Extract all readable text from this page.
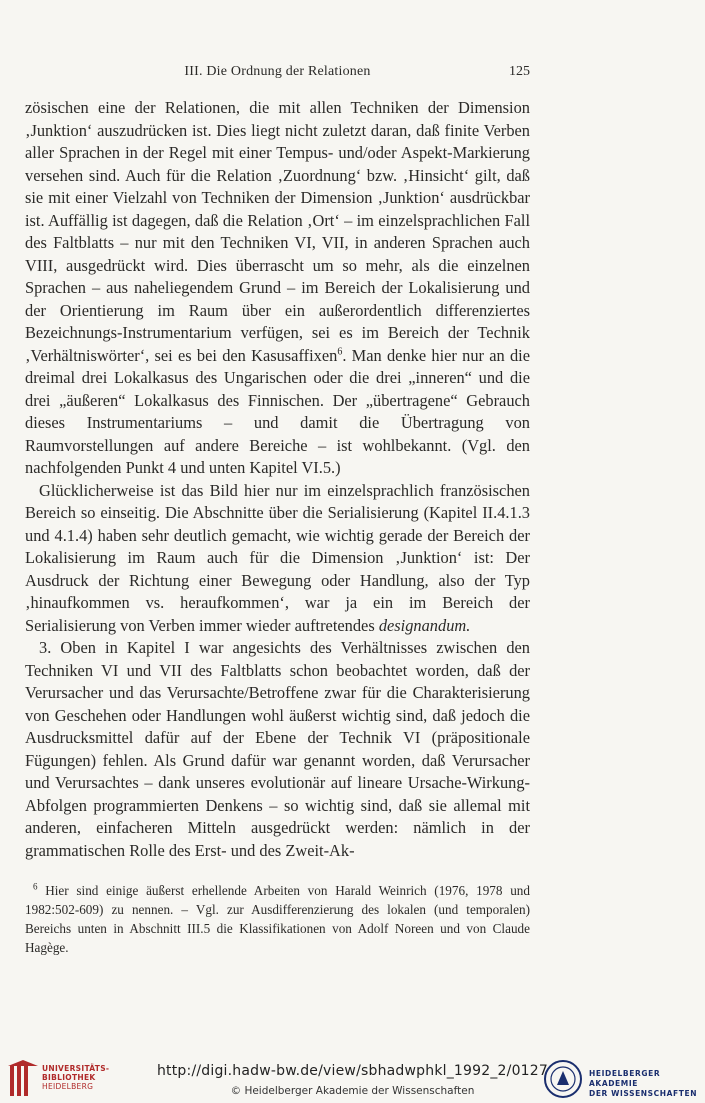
III. Die Ordnung der Relationen	125

zösischen eine der Relationen, die mit allen Techniken der Dimension ‚Junktion‘ auszudrücken ist. Dies liegt nicht zuletzt daran, daß finite Verben aller Sprachen in der Regel mit einer Tempus- und/oder Aspekt-Markierung versehen sind. Auch für die Relation ‚Zuordnung‘ bzw. ‚Hinsicht‘ gilt, daß sie mit einer Vielzahl von Techniken der Dimension ‚Junktion‘ ausdrückbar ist. Auffällig ist dagegen, daß die Relation ‚Ort‘ – im einzelsprachlichen Fall des Faltblatts – nur mit den Techniken VI, VII, in anderen Sprachen auch VIII, ausgedrückt wird. Dies überrascht um so mehr, als die einzelnen Sprachen – aus naheliegendem Grund – im Bereich der Lokalisierung und der Orientierung im Raum über ein außerordentlich differenziertes Bezeichnungs-Instrumentarium verfügen, sei es im Bereich der Technik ‚Verhältniswörter‘, sei es bei den Kasusaffixen$^6$. Man denke hier nur an die dreimal drei Lokalkasus des Ungarischen oder die drei „inneren“ und die drei „äußeren“ Lokalkasus des Finnischen. Der „übertragene“ Gebrauch dieses Instrumentariums – und damit die Übertragung von Raumvorstellungen auf andere Bereiche – ist wohlbekannt. (Vgl. den nachfolgenden Punkt 4 und unten Kapitel VI.5.)

Glücklicherweise ist das Bild hier nur im einzelsprachlich französischen Bereich so einseitig. Die Abschnitte über die Serialisierung (Kapitel II.4.1.3 und 4.1.4) haben sehr deutlich gemacht, wie wichtig gerade der Bereich der Lokalisierung im Raum auch für die Dimension ‚Junktion‘ ist: Der Ausdruck der Richtung einer Bewegung oder Handlung, also der Typ ‚hinaufkommen vs. heraufkommen‘, war ja ein im Bereich der Serialisierung von Verben immer wieder auftretendes designandum.

3. Oben in Kapitel I war angesichts des Verhältnisses zwischen den Techniken VI und VII des Faltblatts schon beobachtet worden, daß der Verursacher und das Verursachte/Betroffene zwar für die Charakterisierung von Geschehen oder Handlungen wohl äußerst wichtig sind, daß jedoch die Ausdrucksmittel dafür auf der Ebene der Technik VI (präpositionale Fügungen) fehlen. Als Grund dafür war genannt worden, daß Verursacher und Verursachtes – dank unseres evolutionär auf lineare Ursache-Wirkung-Abfolgen programmierten Denkens – so wichtig sind, daß sie allemal mit anderen, einfacheren Mitteln ausgedrückt werden: nämlich in der grammatischen Rolle des Erst- und des Zweit-Ak-

$^6$ Hier sind einige äußerst erhellende Arbeiten von Harald Weinrich (1976, 1978 und 1982:502-609) zu nennen. – Vgl. zur Ausdifferenzierung des lokalen (und temporalen) Bereichs unten in Abschnitt III.5 die Klassifikationen von Adolf Noreen und von Claude Hagège.
UNIVERSITÄTS-
BIBLIOTHEK
HEIDELBERG
http://digi.hadw-bw.de/view/sbhadwphkl_1992_2/0127
© Heidelberger Akademie der Wissenschaften
HEIDELBERGER AKADEMIE
DER WISSENSCHAFTEN
